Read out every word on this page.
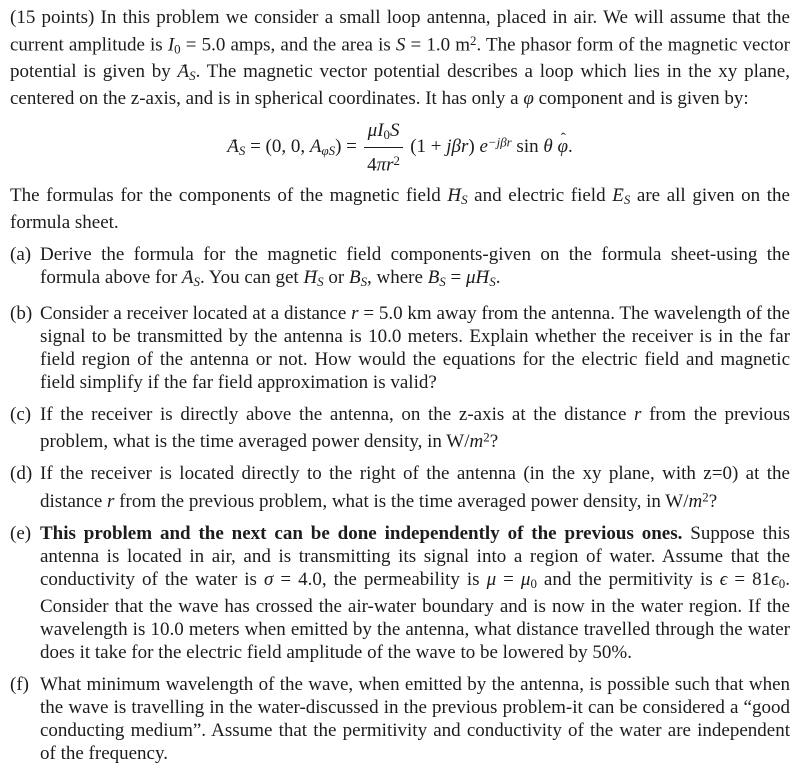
(15 points) In this problem we consider a small loop antenna, placed in air. We will assume that the current amplitude is I0 = 5.0 amps, and the area is S = 1.0 $m^2$. The phasor form of the magnetic vector potential is given by → AS. The magnetic vector potential describes a loop which lies in the xy plane, centered on the z-axis, and is in spherical coordinates. It has only a φ component and is given by:

→ AS = (0, 0, $A\varphi S) = \frac{\mu I0S}{4\pi r^2} (1 + j\beta r)$ $e^{-j\beta r}$ sin θ ˆ φ.

The formulas for the components of the magnetic field → HS and electric field → ES are all given on the formula sheet.

(a) Derive the formula for the magnetic field components-given on the formula sheet-using the formula above for → AS. You can get → HS or → BS, where → BS = μ→ HS.
(b) Consider a receiver located at a distance r = 5.0 km away from the antenna. The wavelength of the signal to be transmitted by the antenna is 10.0 meters. Explain whether the receiver is in the far field region of the antenna or not. How would the equations for the electric field and magnetic field simplify if the far field approximation is valid?
(c) If the receiver is directly above the antenna, on the z-axis at the distance r from the previous problem, what is the time averaged power density, in $W/m^2$?
(d) If the receiver is located directly to the right of the antenna (in the xy plane, with z=0) at the distance r from the previous problem, what is the time averaged power density, in $W/m^2$?
(e) This problem and the next can be done independently of the previous ones. Suppose this antenna is located in air, and is transmitting its signal into a region of water. Assume that the conductivity of the water is σ = 4.0, the permeability is μ = μ0 and the permitivity is ϵ = 81ϵ0. Consider that the wave has crossed the air-water boundary and is now in the water region. If the wavelength is 10.0 meters when emitted by the antenna, what distance travelled through the water does it take for the electric field amplitude of the wave to be lowered by 50%.
(f) What minimum wavelength of the wave, when emitted by the antenna, is possible such that when the wave is travelling in the water-discussed in the previous problem-it can be considered a “good conducting medium”. Assume that the permitivity and conductivity of the water are independent of the frequency.
